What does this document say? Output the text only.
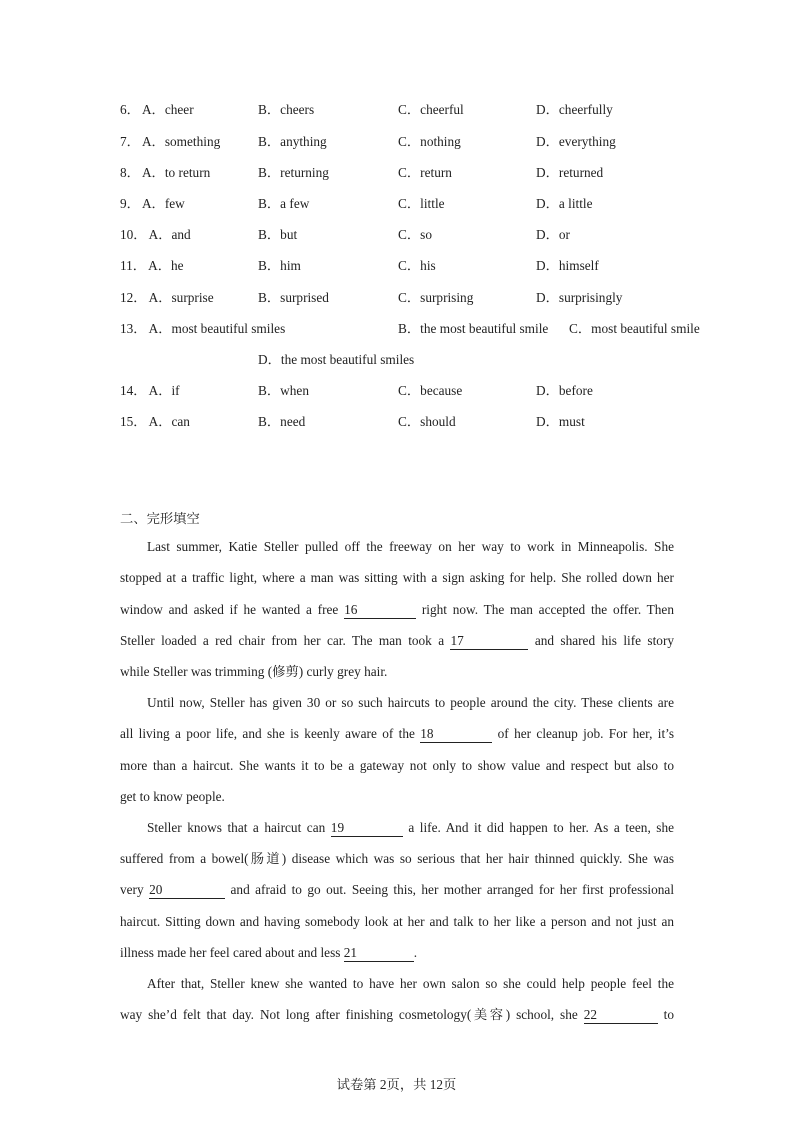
6． A．cheer	B．cheers	C．cheerful	D．cheerfully
7． A．something	B．anything	C．nothing	D．everything
8． A．to return	B．returning	C．return	D．returned
9． A．few	B．a few	C．little	D．a little
10． A．and	B．but	C．so	D．or
11． A．he	B．him	C．his	D．himself
12． A．surprise	B．surprised	C．surprising	D．surprisingly
13． A．most beautiful smiles	B．the most beautiful smile C．most beautiful smile
D．the most beautiful smiles
14． A．if	B．when	C．because	D．before
15． A．can	B．need	C．should	D．must
二、完形填空
Last summer, Katie Steller pulled off the freeway on her way to work in Minneapolis. She
stopped at a traffic light, where a man was sitting with a sign asking for help. She rolled down her
window and asked if he wanted a free 16	right now. The man accepted the offer. Then
Steller loaded a red chair from her car. The man took a 17	and shared his life story
while Steller was trimming (修剪) curly grey hair.
Until now, Steller has given 30 or so such haircuts to people around the city. These clients are
all living a poor life, and she is keenly aware of the 18	of her cleanup job. For her, it’s
more than a haircut. She wants it to be a gateway not only to show value and respect but also to
get to know people.
Steller knows that a haircut can 19	a life. And it did happen to her. As a teen, she
suffered from a bowel(肠道) disease which was so serious that her hair thinned quickly. She was
very 20	and afraid to go out. Seeing this, her mother arranged for her first professional
haircut. Sitting down and having somebody look at her and talk to her like a person and not just an
illness made her feel cared about and less 21	.
After that, Steller knew she wanted to have her own salon so she could help people feel the
way she’d felt that day. Not long after finishing cosmetology(美容) school, she 22	to
试卷第 2页，共 12页
